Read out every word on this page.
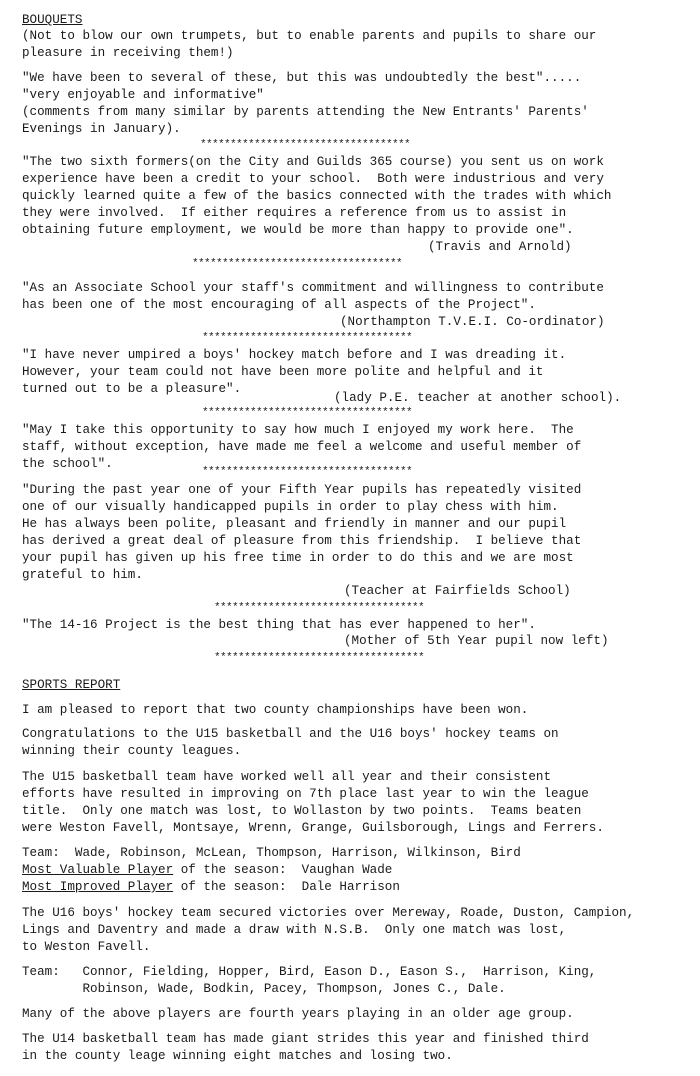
BOUQUETS
(Not to blow our own trumpets, but to enable parents and pupils to share our
pleasure in receiving them!)
"We have been to several of these, but this was undoubtedly the best".....
"very enjoyable and informative"
(comments from many similar by parents attending the New Entrants' Parents'
Evenings in January).
***********************************
"The two sixth formers(on the City and Guilds 365 course) you sent us on work
experience have been a credit to your school.  Both were industrious and very
quickly learned quite a few of the basics connected with the trades with which
they were involved.  If either requires a reference from us to assist in
obtaining future employment, we would be more than happy to provide one".
(Travis and Arnold)
***********************************
"As an Associate School your staff's commitment and willingness to contribute
has been one of the most encouraging of all aspects of the Project".
(Northampton T.V.E.I. Co-ordinator)
***********************************
"I have never umpired a boys' hockey match before and I was dreading it.
However, your team could not have been more polite and helpful and it
turned out to be a pleasure".
(lady P.E. teacher at another school).
***********************************
"May I take this opportunity to say how much I enjoyed my work here.  The
staff, without exception, have made me feel a welcome and useful member of
the school".
***********************************
"During the past year one of your Fifth Year pupils has repeatedly visited
one of our visually handicapped pupils in order to play chess with him.
He has always been polite, pleasant and friendly in manner and our pupil
has derived a great deal of pleasure from this friendship.  I believe that
your pupil has given up his free time in order to do this and we are most
grateful to him.
(Teacher at Fairfields School)
***********************************
"The 14-16 Project is the best thing that has ever happened to her".
(Mother of 5th Year pupil now left)
***********************************
SPORTS REPORT
I am pleased to report that two county championships have been won.
Congratulations to the U15 basketball and the U16 boys' hockey teams on
winning their county leagues.
The U15 basketball team have worked well all year and their consistent
efforts have resulted in improving on 7th place last year to win the league
title.  Only one match was lost, to Wollaston by two points.  Teams beaten
were Weston Favell, Montsaye, Wrenn, Grange, Guilsborough, Lings and Ferrers.
Team:  Wade, Robinson, McLean, Thompson, Harrison, Wilkinson, Bird
Most Valuable Player of the season:  Vaughan Wade
Most Improved Player of the season:  Dale Harrison
The U16 boys' hockey team secured victories over Mereway, Roade, Duston, Campion,
Lings and Daventry and made a draw with N.S.B.  Only one match was lost,
to Weston Favell.
Team:   Connor, Fielding, Hopper, Bird, Eason D., Eason S.,  Harrison, King,
Robinson, Wade, Bodkin, Pacey, Thompson, Jones C., Dale.
Many of the above players are fourth years playing in an older age group.
The U14 basketball team has made giant strides this year and finished third
in the county leage winning eight matches and losing two.
